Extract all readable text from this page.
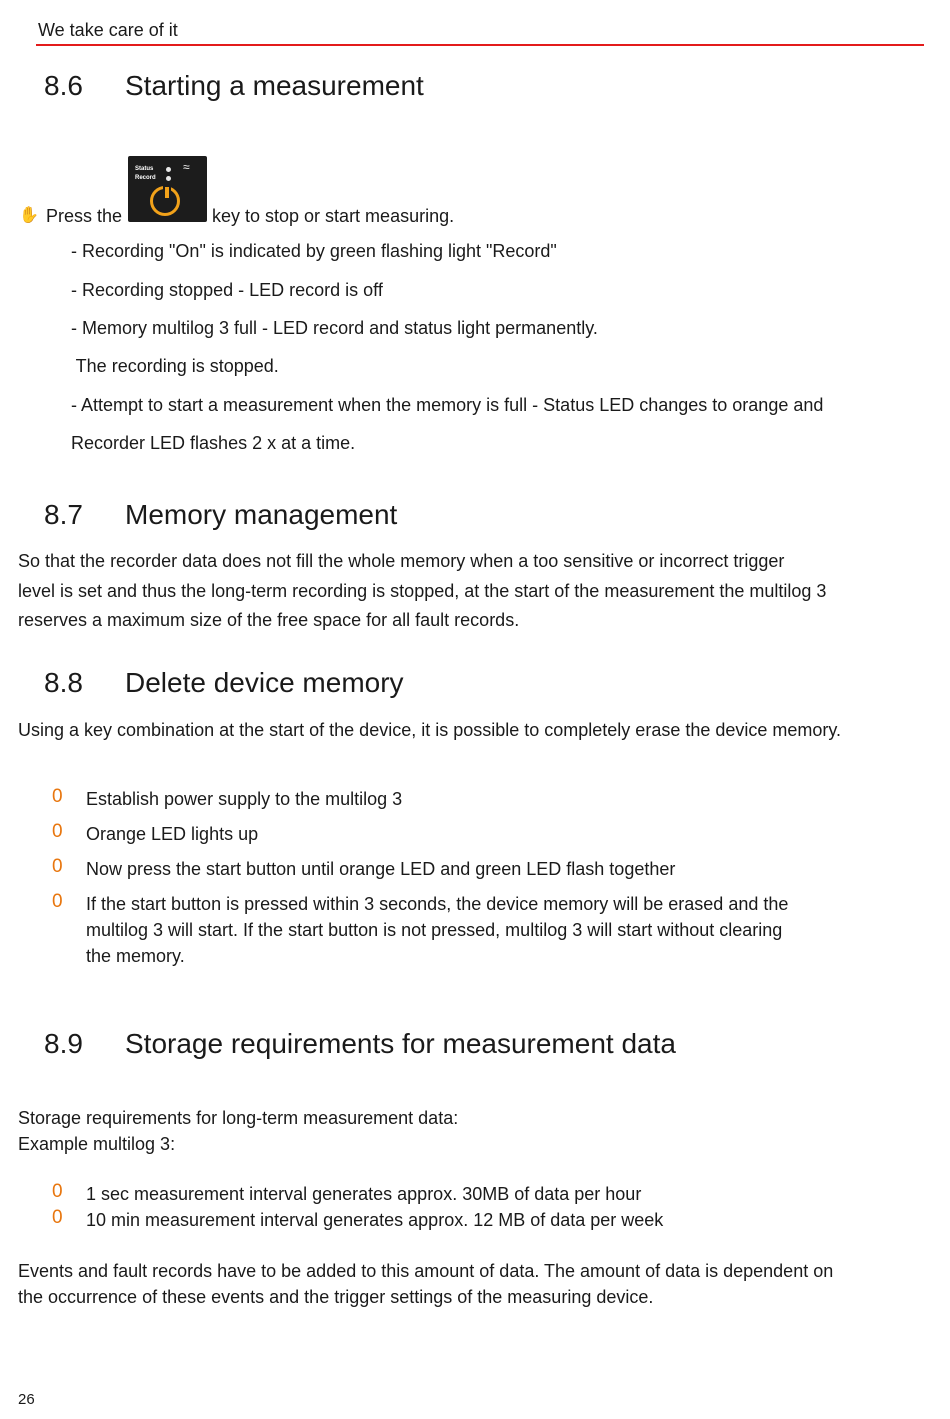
We take care of it
8.6 Starting a measurement
✋ Press the
Status
Record
≈
key to stop or start measuring.
- Recording "On" is indicated by green flashing light "Record"
- Recording stopped - LED record is off
- Memory multilog 3 full - LED record and status light permanently.
The recording is stopped.
- Attempt to start a measurement when the memory is full - Status LED changes to orange and
Recorder LED flashes 2 x at a time.
8.7 Memory management
So that the recorder data does not fill the whole memory when a too sensitive or incorrect trigger
level is set and thus the long-term recording is stopped, at the start of the measurement the multilog 3
reserves a maximum size of the free space for all fault records.
8.8 Delete device memory
Using a key combination at the start of the device, it is possible to completely erase the device memory.
0 Establish power supply to the multilog 3
0 Orange LED lights up
0 Now press the start button until orange LED and green LED flash together
0 If the start button is pressed within 3 seconds, the device memory will be erased and the
multilog 3 will start. If the start button is not pressed, multilog 3 will start without clearing
the memory.
8.9 Storage requirements for measurement data
Storage requirements for long-term measurement data:
Example multilog 3:
0 1 sec measurement interval generates approx. 30MB of data per hour
0 10 min measurement interval generates approx. 12 MB of data per week
Events and fault records have to be added to this amount of data. The amount of data is dependent on
the occurrence of these events and the trigger settings of the measuring device.
26
